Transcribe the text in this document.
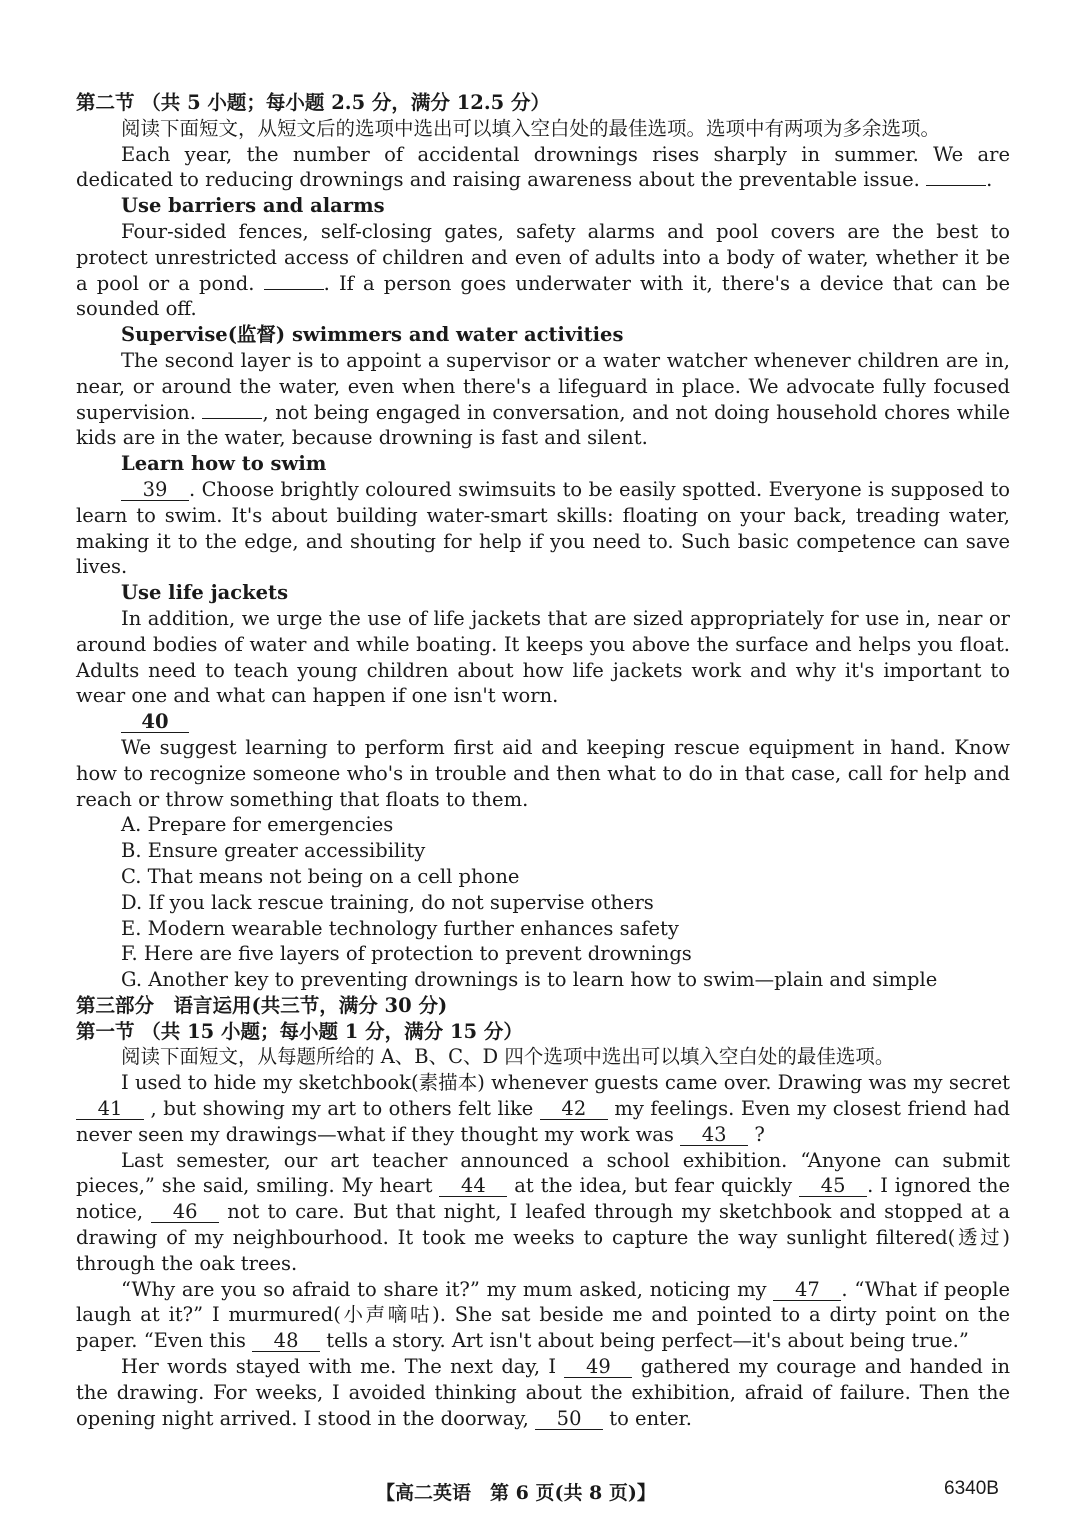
第二节 （共 5 小题；每小题 2.5 分，满分 12.5 分）

阅读下面短文，从短文后的选项中选出可以填入空白处的最佳选项。选项中有两项为多余选项。

Each year, the number of accidental drownings rises sharply in summer. We are dedicated to reducing drownings and raising awareness about the preventable issue.	.

Use barriers and alarms

Four-sided fences, self-closing gates, safety alarms and pool covers are the best to protect unrestricted access of children and even of adults into a body of water, whether it be a pool or a pond.	. If a person goes underwater with it, there's a device that can be sounded off.

Supervise(监督) swimmers and water activities

The second layer is to appoint a supervisor or a water watcher whenever children are in, near, or around the water, even when there's a lifeguard in place. We advocate fully focused supervision.	, not being engaged in conversation, and not doing household chores while kids are in the water, because drowning is fast and silent.

Learn how to swim

39 . Choose brightly coloured swimsuits to be easily spotted. Everyone is supposed to learn to swim. It's about building water-smart skills: floating on your back, treading water, making it to the edge, and shouting for help if you need to. Such basic competence can save lives.

Use life jackets

In addition, we urge the use of life jackets that are sized appropriately for use in, near or around bodies of water and while boating. It keeps you above the surface and helps you float. Adults need to teach young children about how life jackets work and why it's important to wear one and what can happen if one isn't worn.

40

We suggest learning to perform first aid and keeping rescue equipment in hand. Know how to recognize someone who's in trouble and then what to do in that case, call for help and reach or throw something that floats to them.

A. Prepare for emergencies

B. Ensure greater accessibility

C. That means not being on a cell phone

D. If you lack rescue training, do not supervise others

E. Modern wearable technology further enhances safety

F. Here are five layers of protection to prevent drownings

G. Another key to preventing drownings is to learn how to swim—plain and simple

第三部分　语言运用(共三节，满分 30 分)

第一节 （共 15 小题；每小题 1 分，满分 15 分）

阅读下面短文，从每题所给的 A、B、C、D 四个选项中选出可以填入空白处的最佳选项。

I used to hide my sketchbook(素描本) whenever guests came over. Drawing was my secret 41 , but showing my art to others felt like 42 my feelings. Even my closest friend had never seen my drawings—what if they thought my work was 43 ?

Last semester, our art teacher announced a school exhibition. “Anyone can submit pieces,” she said, smiling. My heart 44 at the idea, but fear quickly 45 . I ignored the notice, 46 not to care. But that night, I leafed through my sketchbook and stopped at a drawing of my neighbourhood. It took me weeks to capture the way sunlight filtered(透过) through the oak trees.

“Why are you so afraid to share it?” my mum asked, noticing my 47 . “What if people laugh at it?” I murmured(小声嘀咕). She sat beside me and pointed to a dirty point on the paper. “Even this 48 tells a story. Art isn't about being perfect—it's about being true.”

Her words stayed with me. The next day, I 49 gathered my courage and handed in the drawing. For weeks, I avoided thinking about the exhibition, afraid of failure. Then the opening night arrived. I stood in the doorway, 50 to enter.

【高二英语　第 6 页(共 8 页)】	6340B
